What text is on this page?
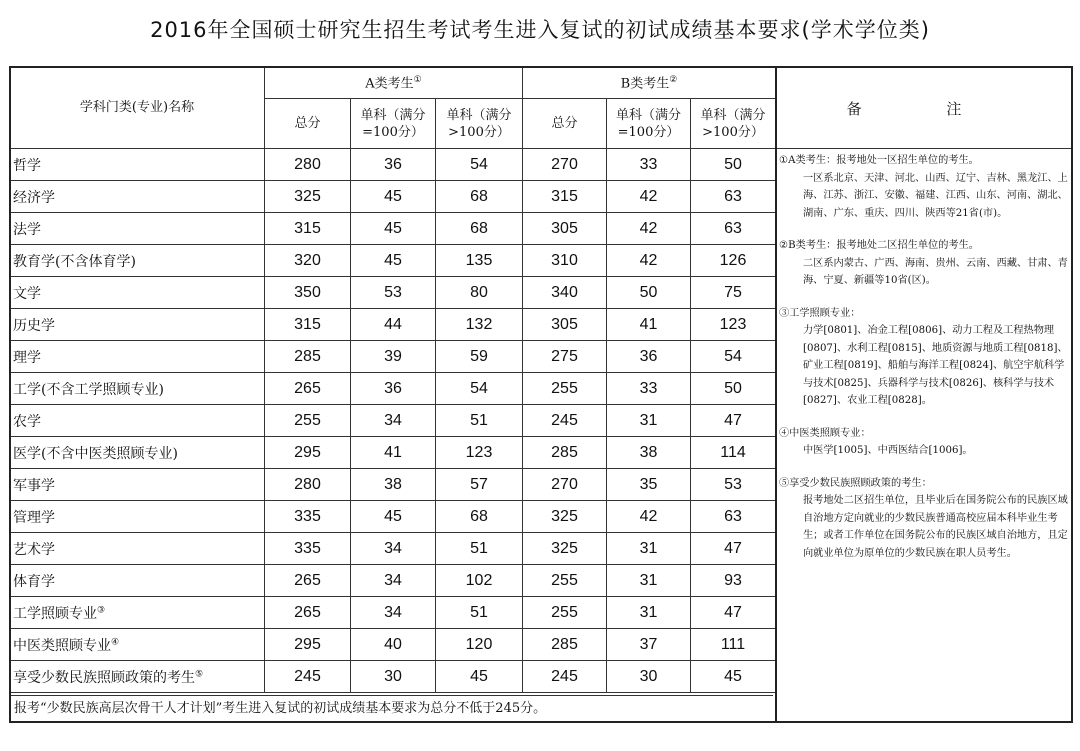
2016年全国硕士研究生招生考试考生进入复试的初试成绩基本要求(学术学位类)
学科门类(专业)名称	A类考生①			B类考生②
	总分	单科（满分=100分）	单科（满分>100分）	总分	单科（满分=100分）	单科（满分>100分）
哲学	280	36	54	270	33	50
经济学	325	45	68	315	42	63
法学	315	45	68	305	42	63
教育学(不含体育学)	320	45	135	310	42	126
文学	350	53	80	340	50	75
历史学	315	44	132	305	41	123
理学	285	39	59	275	36	54
工学(不含工学照顾专业)	265	36	54	255	33	50
农学	255	34	51	245	31	47
医学(不含中医类照顾专业)	295	41	123	285	38	114
军事学	280	38	57	270	35	53
管理学	335	45	68	325	42	63
艺术学	335	34	51	325	31	47
体育学	265	34	102	255	31	93
工学照顾专业③	265	34	51	255	31	47
中医类照顾专业④	295	40	120	285	37	111
享受少数民族照顾政策的考生⑤	245	30	45	245	30	45
报考“少数民族高层次骨干人才计划”考生进入复试的初试成绩基本要求为总分不低于245分。
备 注
①A类考生：报考地处一区招生单位的考生。
一区系北京、天津、河北、山西、辽宁、吉林、黑龙江、上海、江苏、浙江、安徽、福建、江西、山东、河南、湖北、湖南、广东、重庆、四川、陕西等21省(市)。
②B类考生：报考地处二区招生单位的考生。
二区系内蒙古、广西、海南、贵州、云南、西藏、甘肃、青海、宁夏、新疆等10省(区)。
③工学照顾专业：
力学[0801]、冶金工程[0806]、动力工程及工程热物理[0807]、水利工程[0815]、地质资源与地质工程[0818]、矿业工程[0819]、船舶与海洋工程[0824]、航空宇航科学与技术[0825]、兵器科学与技术[0826]、核科学与技术[0827]、农业工程[0828]。
④中医类照顾专业：
中医学[1005]、中西医结合[1006]。
⑤享受少数民族照顾政策的考生：
报考地处二区招生单位，且毕业后在国务院公布的民族区域自治地方定向就业的少数民族普通高校应届本科毕业生考生；或者工作单位在国务院公布的民族区域自治地方，且定向就业单位为原单位的少数民族在职人员考生。
